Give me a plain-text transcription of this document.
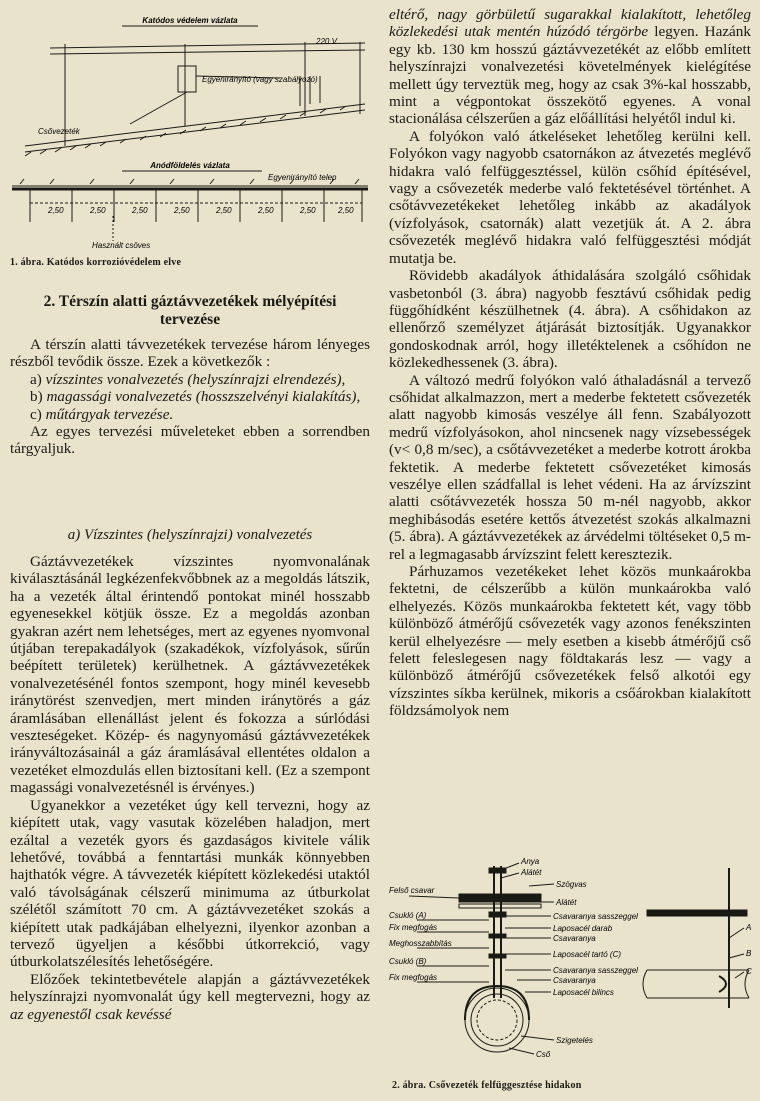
Katódos védelem vázlata
220 V
Egyenirányító (vagy szabályozó)
Csővezeték
Anódföldelés vázlata
Egyenirányító telep
2,50	2,50	2,50	2,50	2,50	2,50	2,50	2,50
Használt csöves
1. ábra. Katódos korrozióvédelem elve

2. Térszín alatti gáztávvezetékek mélyépítési

tervezése

A térszín alatti távvezetékek tervezése három lényeges részből tevődik össze. Ezek a következők :

a) vízszintes vonalvezetés (helyszínrajzi elrendezés),

b) magassági vonalvezetés (hosszszelvényi kialakítás),

c) műtárgyak tervezése.

Az egyes tervezési műveleteket ebben a sorrendben tárgyaljuk.

a) Vízszintes (helyszínrajzi) vonalvezetés

Gáztávvezetékek vízszintes nyomvonalának kiválasztásánál legkézenfekvőbbnek az a megoldás látszik, ha a vezeték által érintendő pontokat minél hosszabb egyenesekkel kötjük össze. Ez a megoldás azonban gyakran azért nem lehetséges, mert az egyenes nyomvonal útjában terepakadályok (szakadékok, vízfolyások, sűrűn beépített területek) kerülhetnek. A gáztávvezetékek vonalvezetésénél fontos szempont, hogy minél kevesebb iránytörést szenvedjen, mert minden iránytörés a gáz áramlásában ellenállást jelent és fokozza a súrlódási veszteségeket. Közép- és nagynyomású gáztávvezetékek irányváltozásainál a gáz áramlásával ellentétes oldalon a vezetéket elmozdulás ellen biztosítani kell. (Ez a szempont magassági vonalvezetésnél is érvényes.)

Ugyanekkor a vezetéket úgy kell tervezni, hogy az kiépített utak, vagy vasutak közelében haladjon, mert ezáltal a vezeték gyors és gazdaságos kivitele válik lehetővé, továbbá a fenntartási munkák könnyebben hajthatók végre. A távvezeték kiépített közlekedési utaktól való távolságának célszerű minimuma az útburkolat szélétől számított 70 cm. A gáztávvezetéket szokás a kiépített utak padkájában elhelyezni, ilyenkor azonban a tervező ügyeljen a későbbi útkorrekció, vagy útburkolatszélesítés lehetőségére.

Előzőek tekintetbevétele alapján a gáztávvezetékek helyszínrajzi nyomvonalát úgy kell megtervezni, hogy az az egyenestől csak kevéssé

eltérő, nagy görbületű sugarakkal kialakított, lehetőleg közlekedési utak mentén húzódó térgörbe legyen. Hazánk egy kb. 130 km hosszú gáztávvezetékét az előbb említett helyszínrajzi vonalvezetési követelmények kielégítése mellett úgy terveztük meg, hogy az csak 3%-kal hosszabb, mint a végpontokat összekötő egyenes. A vonal stacionálása célszerűen a gáz előállítási helyétől indul ki.

A folyókon való átkeléseket lehetőleg kerülni kell. Folyókon vagy nagyobb csatornákon az átvezetés meglévő hidakra való felfüggesztéssel, külön csőhíd építésével, vagy a csővezeték mederbe való fektetésével történhet. A csőtávvezetékeket lehetőleg inkább az akadályok (vízfolyások, csatornák) alatt vezetjük át. A 2. ábra csővezeték meglévő hidakra való felfüggesztési módját mutatja be.

Rövidebb akadályok áthidalására szolgáló csőhidak vasbetonból (3. ábra) nagyobb fesztávú csőhidak pedig függőhídként készülhetnek (4. ábra). A csőhidakon az ellenőrző személyzet átjárását biztosítják. Ugyanakkor gondoskodnak arról, hogy illetéktelenek a csőhídon ne közlekedhessenek (3. ábra).

A változó medrű folyókon való áthaladásnál a tervező csőhidat alkalmazzon, mert a mederbe fektetett csővezeték alatt nagyobb kimosás veszélye áll fenn. Szabályozott medrű vízfolyásokon, ahol nincsenek nagy vízsebességek (v< 0,8 m/sec), a csőtávvezetéket a mederbe kotrott árokba fektetik. A mederbe fektetett csővezetéket kimosás veszélye ellen szádfallal is lehet védeni. Ha az árvízszint alatti csőtávvezeték hossza 50 m-nél nagyobb, akkor meghibásodás esetére kettős átvezetést szokás alkalmazni (5. ábra). A gáztávvezetékek az árvédelmi töltéseket 0,5 m-rel a legmagasabb árvízszint felett keresztezik.

Párhuzamos vezetékeket lehet közös munkaárokba fektetni, de célszerűbb a külön munkaárokba való elhelyezés. Közös munkaárokba fektetett két, vagy több különböző átmérőjű csővezeték vagy azonos fenékszinten kerül elhelyezésre — mely esetben a kisebb átmérőjű cső felett feleslegesen nagy földtakarás lesz — vagy a különböző átmérőjű csővezetékek felső alkotói egy vízszintes síkba kerülnek, mikoris a csőárokban kialakított földzsámolyok nem

Anya
Alátét
Felső csavar
Szögvas
Alátét
Csukló (A)
Fix megfogás
Csavaranya sasszeggel
Laposacél darab
Meghosszabbítás
Csavaranya
Csukló (B)
Laposacél tartó (C)
Fix megfogás
Csavaranya sasszeggel
Csavaranya
Laposacél bilincs
Szigetelés
Cső
A
B
C
2. ábra. Csővezeték felfüggesztése hidakon
